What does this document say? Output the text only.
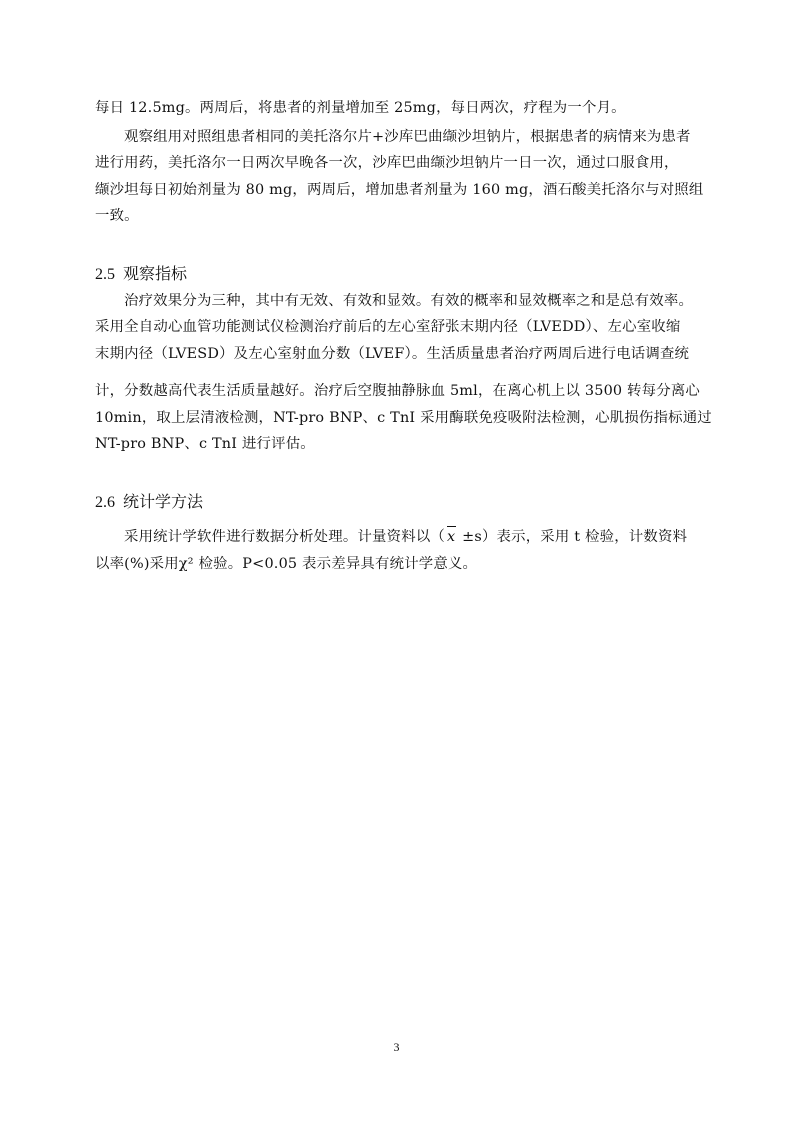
每日 12.5mg。两周后，将患者的剂量增加至 25mg，每日两次，疗程为一个月。
观察组用对照组患者相同的美托洛尔片+沙库巴曲缬沙坦钠片，根据患者的病情来为患者
进行用药，美托洛尔一日两次早晚各一次，沙库巴曲缬沙坦钠片一日一次，通过口服食用，
缬沙坦每日初始剂量为 80 mg，两周后，增加患者剂量为 160 mg，酒石酸美托洛尔与对照组
一致。
2.5 观察指标
治疗效果分为三种，其中有无效、有效和显效。有效的概率和显效概率之和是总有效率。
采用全自动心血管功能测试仪检测治疗前后的左心室舒张末期内径（LVEDD）、左心室收缩
末期内径（LVESD）及左心室射血分数（LVEF）。生活质量患者治疗两周后进行电话调查统
计，分数越高代表生活质量越好。治疗后空腹抽静脉血 5ml，在离心机上以 3500 转每分离心
10min，取上层清液检测，NT-pro BNP、c TnI 采用酶联免疫吸附法检测，心肌损伤指标通过
NT-pro BNP、c TnI 进行评估。
2.6 统计学方法
采用统计学软件进行数据分析处理。计量资料以（ x ±s）表示，采用 t 检验，计数资料
以率(%)采用χ² 检验。P<0.05 表示差异具有统计学意义。
3
